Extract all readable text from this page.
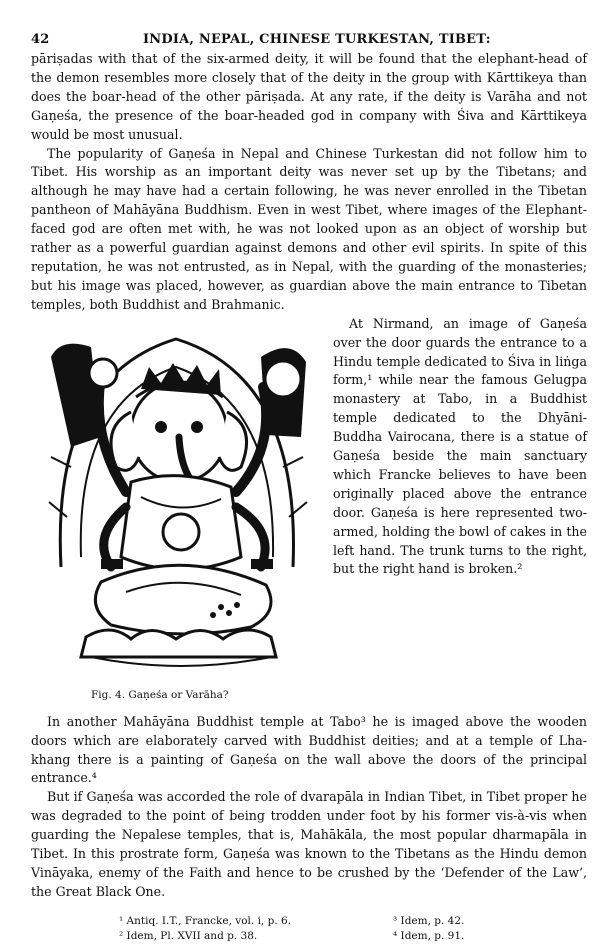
42	INDIA, NEPAL, CHINESE TURKESTAN, TIBET:

pāriṣadas with that of the six-armed deity, it will be found that the elephant-head of the demon resembles more closely that of the deity in the group with Kārttikeya than does the boar-head of the other pāriṣada. At any rate, if the deity is Varāha and not Gaṇeśa, the presence of the boar-headed god in company with Śiva and Kārttikeya would be most unusual.

The popularity of Gaṇeśa in Nepal and Chinese Turkestan did not follow him to Tibet. His worship as an important deity was never set up by the Tibetans; and although he may have had a certain following, he was never enrolled in the Tibetan pantheon of Mahāyāna Buddhism. Even in west Tibet, where images of the Elephant-faced god are often met with, he was not looked upon as an object of worship but rather as a powerful guardian against demons and other evil spirits. In spite of this reputation, he was not entrusted, as in Nepal, with the guarding of the monasteries; but his image was placed, however, as guardian above the main entrance to Tibetan temples, both Buddhist and Brahmanic.

Fig. 4. Gaṇeśa or Varāha?

At Nirmand, an image of Gaṇeśa over the door guards the entrance to a Hindu temple dedicated to Śiva in liṅga form,¹ while near the famous Gelugpa monastery at Tabo, in a Buddhist temple dedicated to the Dhyāni-Buddha Vairocana, there is a statue of Gaṇeśa beside the main sanctuary which Francke believes to have been originally placed above the entrance door. Gaṇeśa is here represented two-armed, holding the bowl of cakes in the left hand. The trunk turns to the right, but the right hand is broken.²

In another Mahāyāna Buddhist temple at Tabo³ he is imaged above the wooden doors which are elaborately carved with Buddhist deities; and at a temple of Lha-khang there is a painting of Gaṇeśa on the wall above the doors of the principal entrance.⁴

But if Gaṇeśa was accorded the role of dvarapāla in Indian Tibet, in Tibet proper he was degraded to the point of being trodden under foot by his former vis-à-vis when guarding the Nepalese temples, that is, Mahākāla, the most popular dharmapāla in Tibet. In this prostrate form, Gaṇeśa was known to the Tibetans as the Hindu demon Vināyaka, enemy of the Faith and hence to be crushed by the ‘Defender of the Law’, the Great Black One.

¹ Antiq. I.T., Francke, vol. i, p. 6.
² Idem, Pl. XVII and p. 38.
³ Idem, p. 42.
⁴ Idem, p. 91.
